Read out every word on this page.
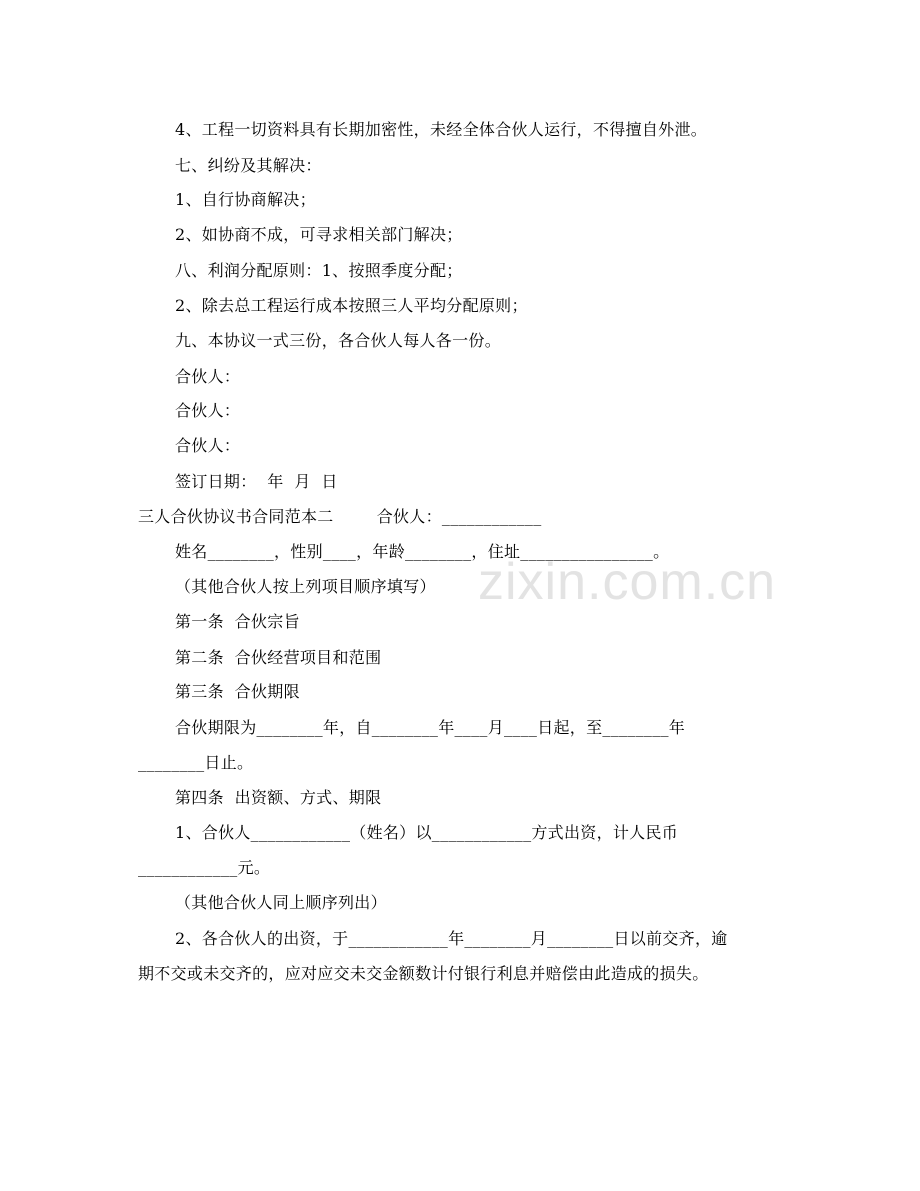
zixin.com.cn
4、工程一切资料具有长期加密性，未经全体合伙人运行，不得擅自外泄。
七、纠纷及其解决：
1、自行协商解决；
2、如协商不成，可寻求相关部门解决；
八、利润分配原则：1、按照季度分配；
2、除去总工程运行成本按照三人平均分配原则；
九、本协议一式三份，各合伙人每人各一份。
合伙人：
合伙人：
合伙人：
签订日期：  年  月  日
三人合伙协议书合同范本二        合伙人：____________
姓名________，性别____，年龄________，住址________________。
（其他合伙人按上列项目顺序填写）
第一条  合伙宗旨
第二条  合伙经营项目和范围
第三条  合伙期限
合伙期限为________年，自________年____月____日起，至________年
________日止。
第四条  出资额、方式、期限
1、合伙人____________（姓名）以____________方式出资，计人民币
____________元。
（其他合伙人同上顺序列出）
2、各合伙人的出资，于____________年________月________日以前交齐，逾
期不交或未交齐的，应对应交未交金额数计付银行利息并赔偿由此造成的损失。
